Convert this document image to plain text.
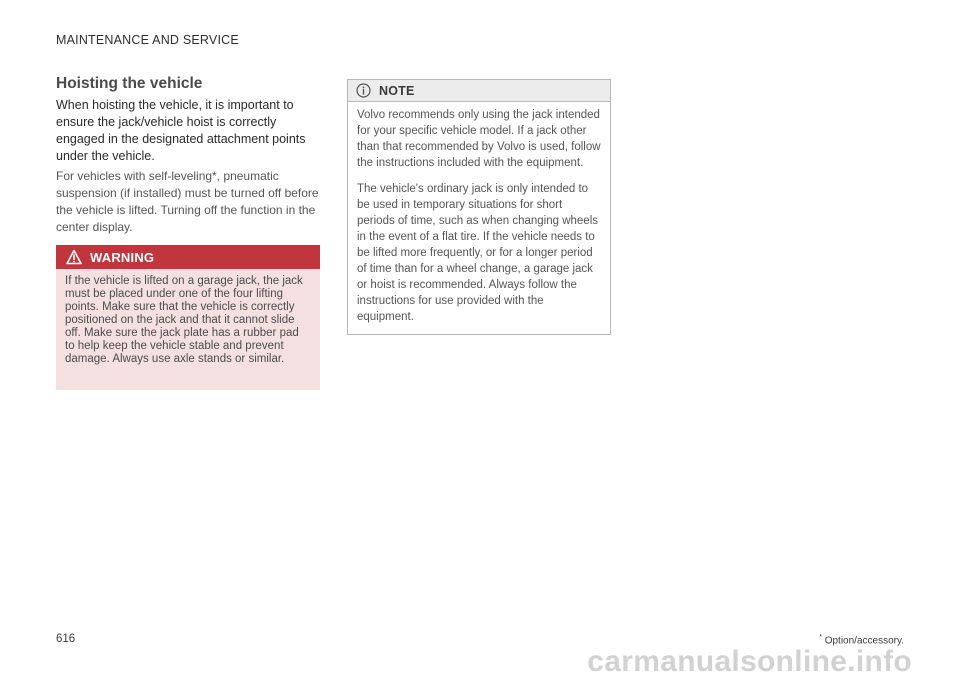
MAINTENANCE AND SERVICE
Hoisting the vehicle

When hoisting the vehicle, it is important to ensure the jack/vehicle hoist is correctly engaged in the designated attachment points under the vehicle.

For vehicles with self-leveling*, pneumatic suspension (if installed) must be turned off before the vehicle is lifted. Turning off the function in the center display.

WARNING

If the vehicle is lifted on a garage jack, the jack must be placed under one of the four lifting points. Make sure that the vehicle is correctly positioned on the jack and that it cannot slide off. Make sure the jack plate has a rubber pad to help keep the vehicle stable and prevent damage. Always use axle stands or similar.

NOTE

Volvo recommends only using the jack intended for your specific vehicle model. If a jack other than that recommended by Volvo is used, follow the instructions included with the equipment.

The vehicle's ordinary jack is only intended to be used in temporary situations for short periods of time, such as when changing wheels in the event of a flat tire. If the vehicle needs to be lifted more frequently, or for a longer period of time than for a wheel change, a garage jack or hoist is recommended. Always follow the instructions for use provided with the equipment.

616	* Option/accessory.
carmanualsonline.info
